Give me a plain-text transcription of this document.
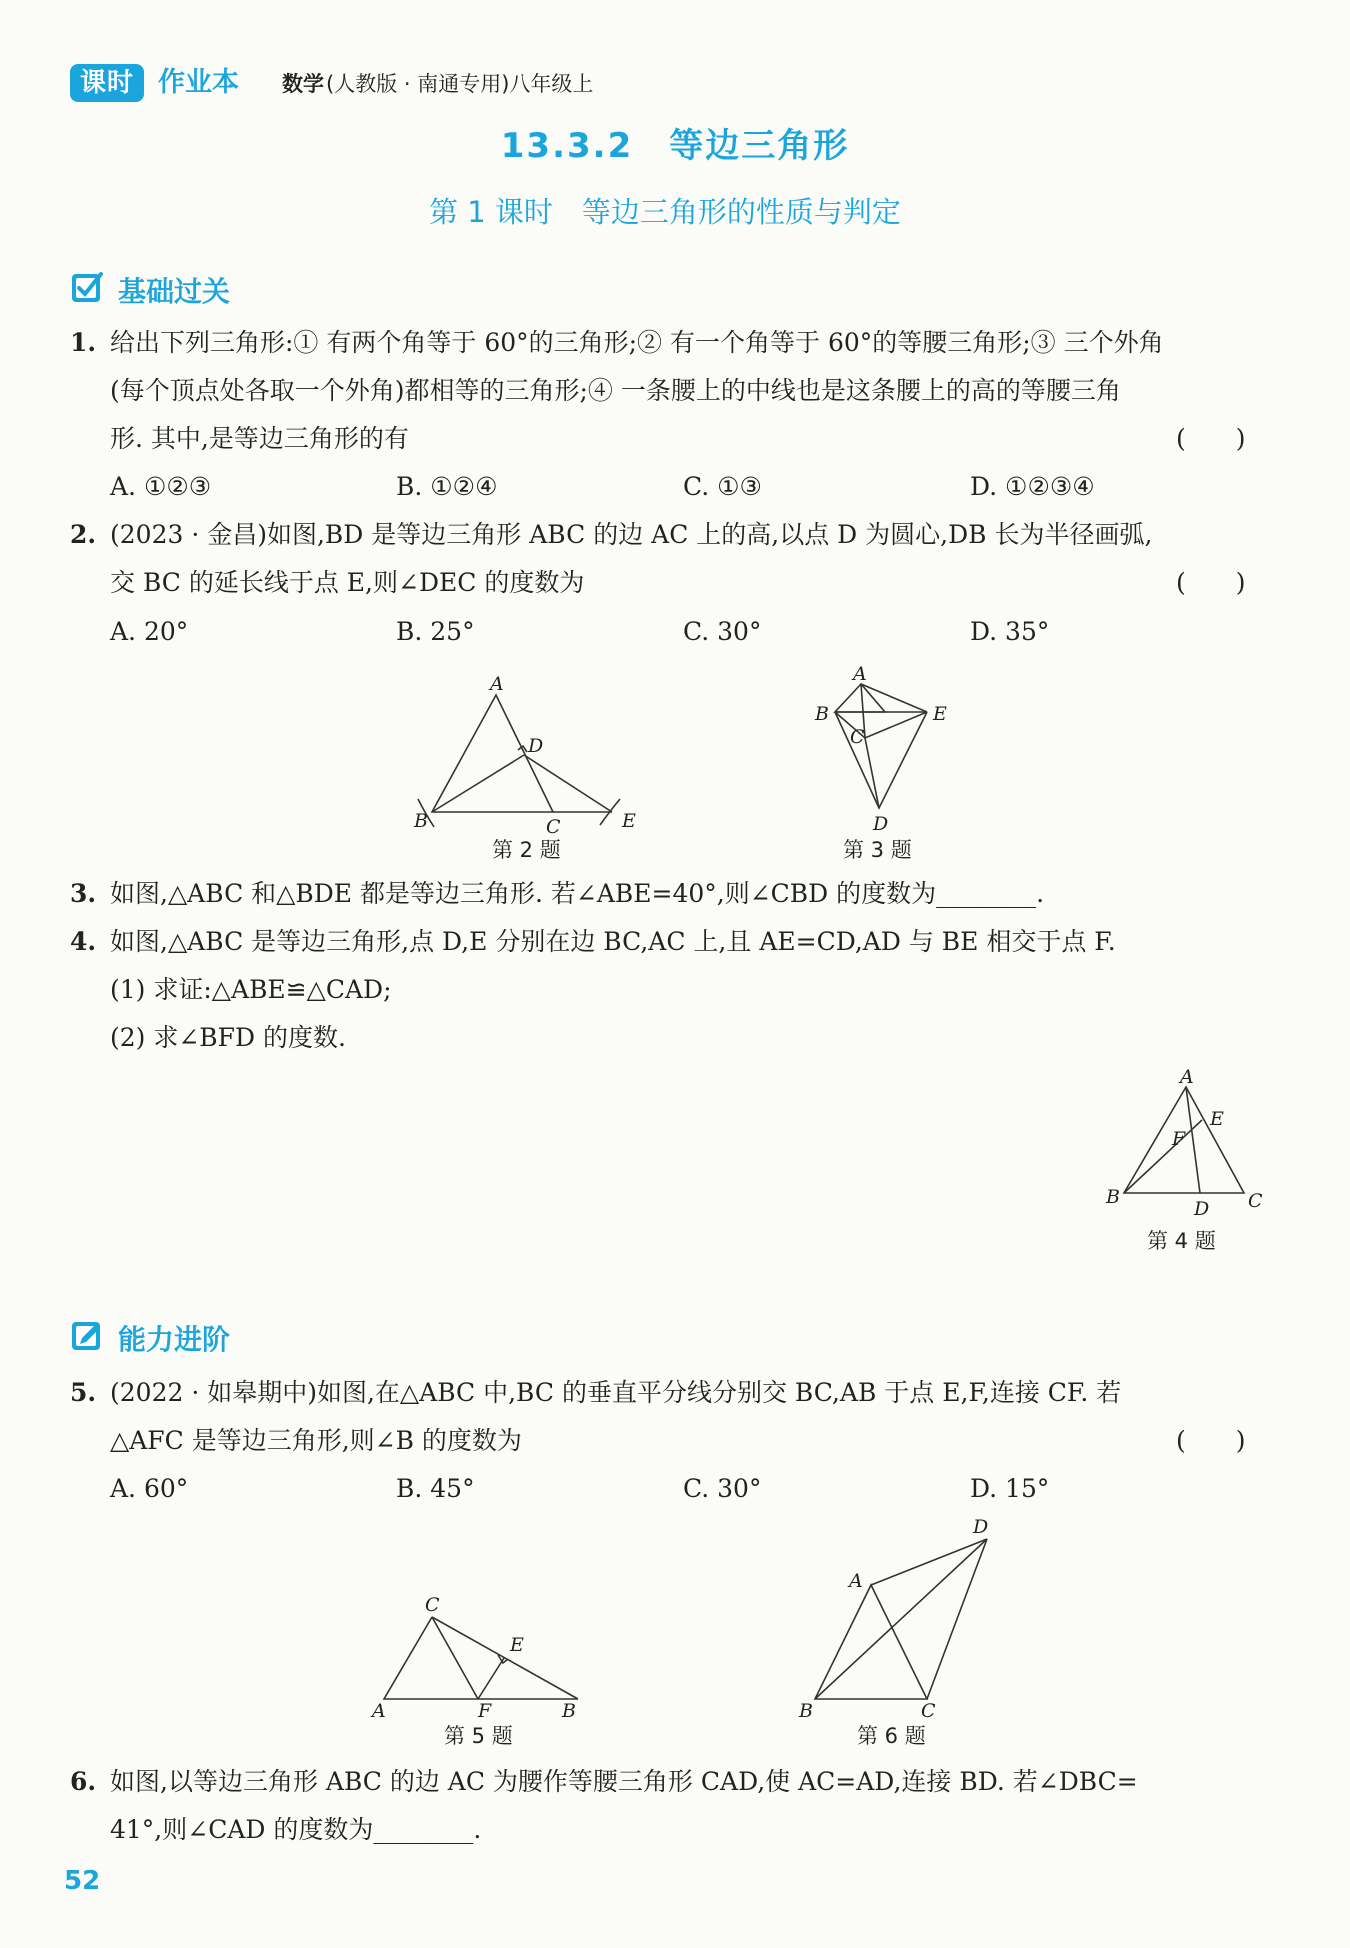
课时 作业本 数学 (人教版 · 南通专用)八年级上
13.3.2　等边三角形
第 1 课时　等边三角形的性质与判定
基础过关
1. 给出下列三角形:① 有两个角等于 60°的三角形;② 有一个角等于 60°的等腰三角形;③ 三个外角
(每个顶点处各取一个外角)都相等的三角形;④ 一条腰上的中线也是这条腰上的高的等腰三角
形. 其中,是等边三角形的有	(　　)
A. ①②③	B. ①②④	C. ①③	D. ①②③④
2. (2023 · 金昌)如图,BD 是等边三角形 ABC 的边 AC 上的高,以点 D 为圆心,DB 长为半径画弧,
交 BC 的延长线于点 E,则∠DEC 的度数为	(　　)
A. 20°	B. 25°	C. 30°	D. 35°
A
D
B	C	E
第 2 题
A
B	E
C
D
第 3 题
3. 如图,△ABC 和△BDE 都是等边三角形. 若∠ABE=40°,则∠CBD 的度数为________.
4. 如图,△ABC 是等边三角形,点 D,E 分别在边 BC,AC 上,且 AE=CD,AD 与 BE 相交于点 F.
(1) 求证:△ABE≌△CAD;
(2) 求∠BFD 的度数.
A
E
F
B
D C
第 4 题
能力进阶
5. (2022 · 如皋期中)如图,在△ABC 中,BC 的垂直平分线分别交 BC,AB 于点 E,F,连接 CF. 若
△AFC 是等边三角形,则∠B 的度数为	(　　)
A. 60°	B. 45°	C. 30°	D. 15°
C
E
A	F	B
第 5 题
D
A
B	C
第 6 题
6. 如图,以等边三角形 ABC 的边 AC 为腰作等腰三角形 CAD,使 AC=AD,连接 BD. 若∠DBC=
41°,则∠CAD 的度数为________.
52
